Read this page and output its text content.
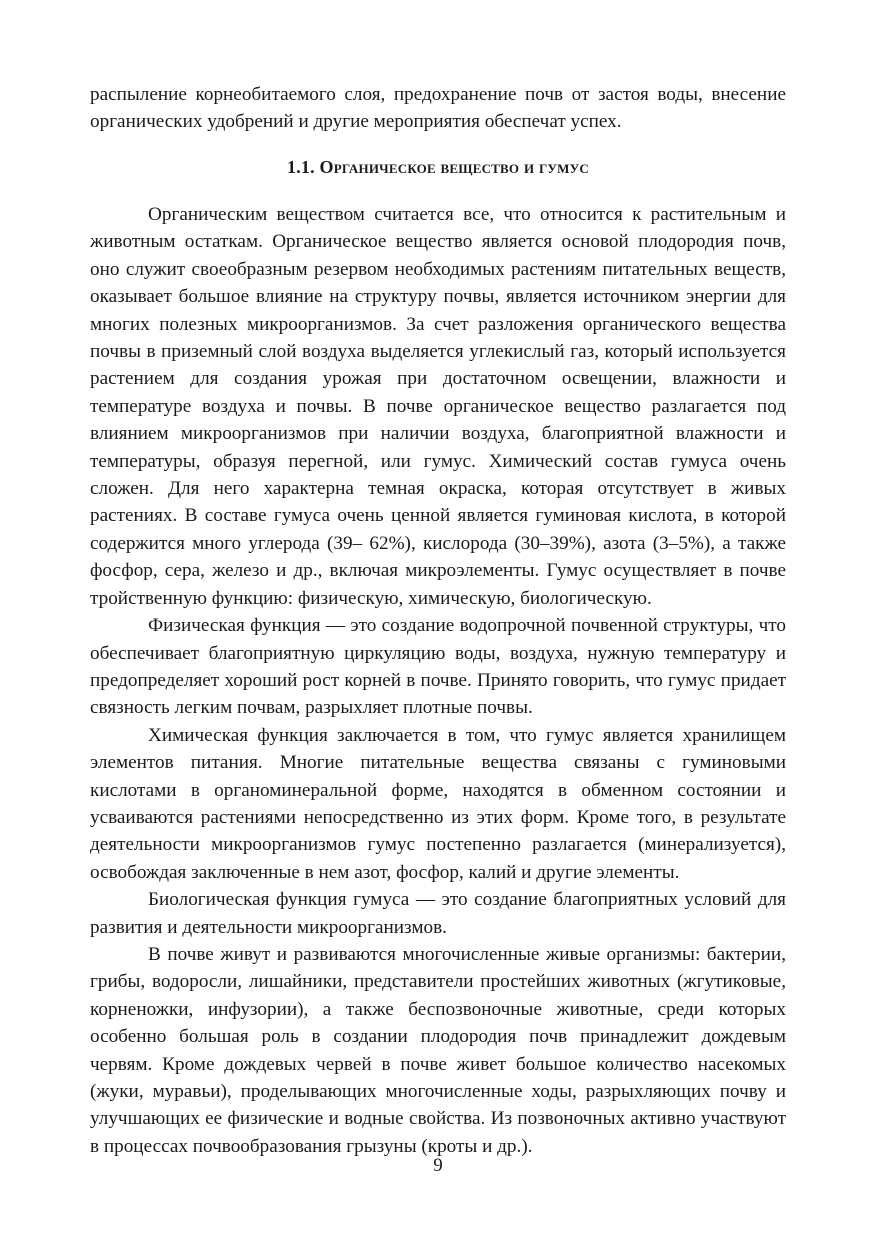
распыление корнеобитаемого слоя, предохранение почв от застоя воды, внесение органических удобрений и другие мероприятия обеспечат успех.

1.1. Органическое вещество и гумус

Органическим веществом считается все, что относится к растительным и животным остаткам. Органическое вещество является основой плодородия почв, оно служит своеобразным резервом необходимых растениям питательных веществ, оказывает большое влияние на структуру почвы, является источником энергии для многих полезных микроорганизмов. За счет разложения органического вещества почвы в приземный слой воздуха выделяется углекислый газ, который используется растением для создания урожая при достаточном освещении, влажности и температуре воздуха и почвы. В почве органическое вещество разлагается под влиянием микроорганизмов при наличии воздуха, благоприятной влажности и температуры, образуя перегной, или гумус. Химический состав гумуса очень сложен. Для него характерна темная окраска, которая отсутствует в живых растениях. В составе гумуса очень ценной является гуминовая кислота, в которой содержится много углерода (39– 62%), кислорода (30–39%), азота (3–5%), а также фосфор, сера, железо и др., включая микроэлементы. Гумус осуществляет в почве тройственную функцию: физическую, химическую, биологическую.

Физическая функция — это создание водопрочной почвенной структуры, что обеспечивает благоприятную циркуляцию воды, воздуха, нужную температуру и предопределяет хороший рост корней в почве. Принято говорить, что гумус придает связность легким почвам, разрыхляет плотные почвы.

Химическая функция заключается в том, что гумус является хранилищем элементов питания. Многие питательные вещества связаны с гуминовыми кислотами в органоминеральной форме, находятся в обменном состоянии и усваиваются растениями непосредственно из этих форм. Кроме того, в результате деятельности микроорганизмов гумус постепенно разлагается (минерализуется), освобождая заключенные в нем азот, фосфор, калий и другие элементы.

Биологическая функция гумуса — это создание благоприятных условий для развития и деятельности микроорганизмов.

В почве живут и развиваются многочисленные живые организмы: бактерии, грибы, водоросли, лишайники, представители простейших животных (жгутиковые, корненожки, инфузории), а также беспозвоночные животные, среди которых особенно большая роль в создании плодородия почв принадлежит дождевым червям. Кроме дождевых червей в почве живет большое количество насекомых (жуки, муравьи), проделывающих многочисленные ходы, разрыхляющих почву и улучшающих ее физические и водные свойства. Из позвоночных активно участвуют в процессах почвообразования грызуны (кроты и др.).

9
